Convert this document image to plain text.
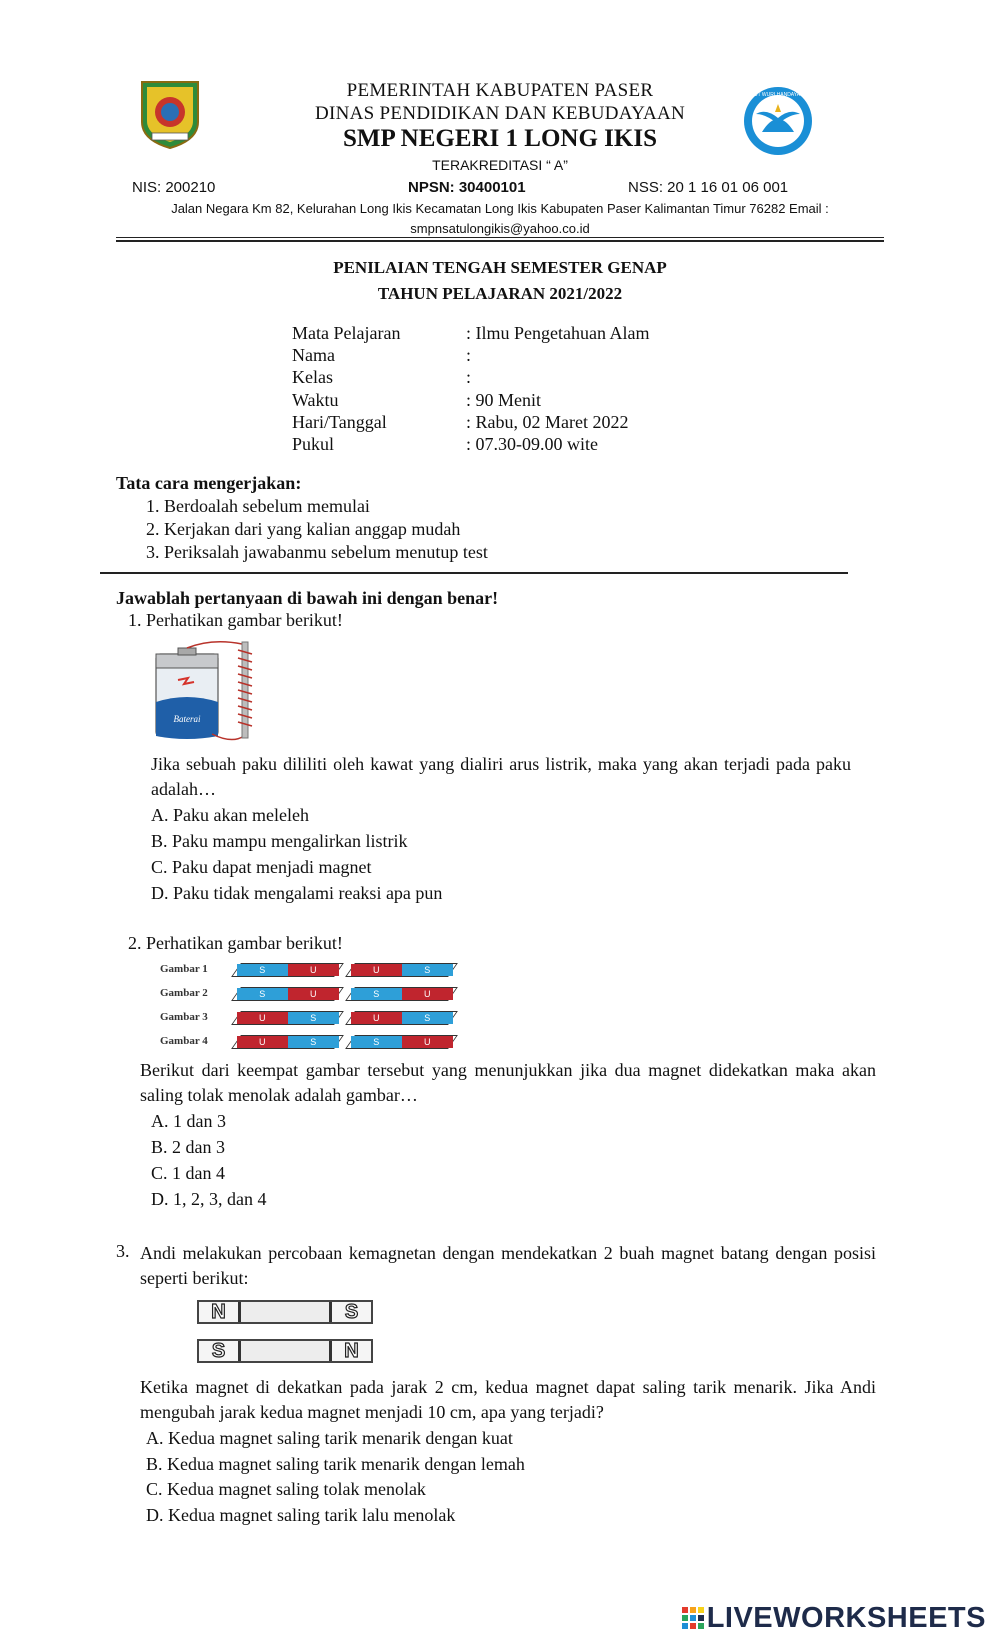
TUT WURI HANDAYANI
PEMERINTAH KABUPATEN PASER
DINAS PENDIDIKAN DAN KEBUDAYAAN
SMP NEGERI 1 LONG IKIS
TERAKREDITASI “ A”
NIS: 200210	NPSN: 30400101	NSS: 20 1 16 01 06 001
Jalan Negara Km 82, Kelurahan Long Ikis Kecamatan Long Ikis Kabupaten Paser Kalimantan Timur 76282 Email :
smpnsatulongikis@yahoo.co.id
PENILAIAN TENGAH SEMESTER GENAP
TAHUN PELAJARAN 2021/2022
Mata Pelajaran	: Ilmu Pengetahuan Alam
Nama	:
Kelas	:
Waktu	: 90 Menit
Hari/Tanggal	: Rabu, 02 Maret 2022
Pukul	: 07.30-09.00 wite
Tata cara mengerjakan:
1. Berdoalah sebelum memulai
2. Kerjakan dari yang kalian anggap mudah
3. Periksalah jawabanmu sebelum menutup test
Jawablah pertanyaan di bawah ini dengan benar!
1. Perhatikan gambar berikut!
Baterai
Jika sebuah paku dililiti oleh kawat yang dialiri arus listrik, maka yang akan terjadi pada paku adalah…
A. Paku akan meleleh
B. Paku mampu mengalirkan listrik
C. Paku dapat menjadi magnet
D. Paku tidak mengalami reaksi apa pun
2. Perhatikan gambar berikut!
Gambar 1	S	U	U	S
Gambar 2	S	U	S	U
Gambar 3	U	S	U	S
Gambar 4	U	S	S	U
Berikut dari keempat gambar tersebut yang menunjukkan jika dua magnet didekatkan maka akan saling tolak menolak adalah gambar…
A. 1 dan 3
B. 2 dan 3
C. 1 dan 4
D. 1, 2, 3, dan 4
3. Andi melakukan percobaan kemagnetan dengan mendekatkan 2 buah magnet batang dengan posisi seperti berikut:
N	S
S	N
Ketika magnet di dekatkan pada jarak 2 cm, kedua magnet dapat saling tarik menarik. Jika Andi mengubah jarak kedua magnet menjadi 10 cm, apa yang terjadi?
A. Kedua magnet saling tarik menarik dengan kuat
B. Kedua magnet saling tarik menarik dengan lemah
C. Kedua magnet saling tolak menolak
D. Kedua magnet saling tarik lalu menolak
LIVEWORKSHEETS
